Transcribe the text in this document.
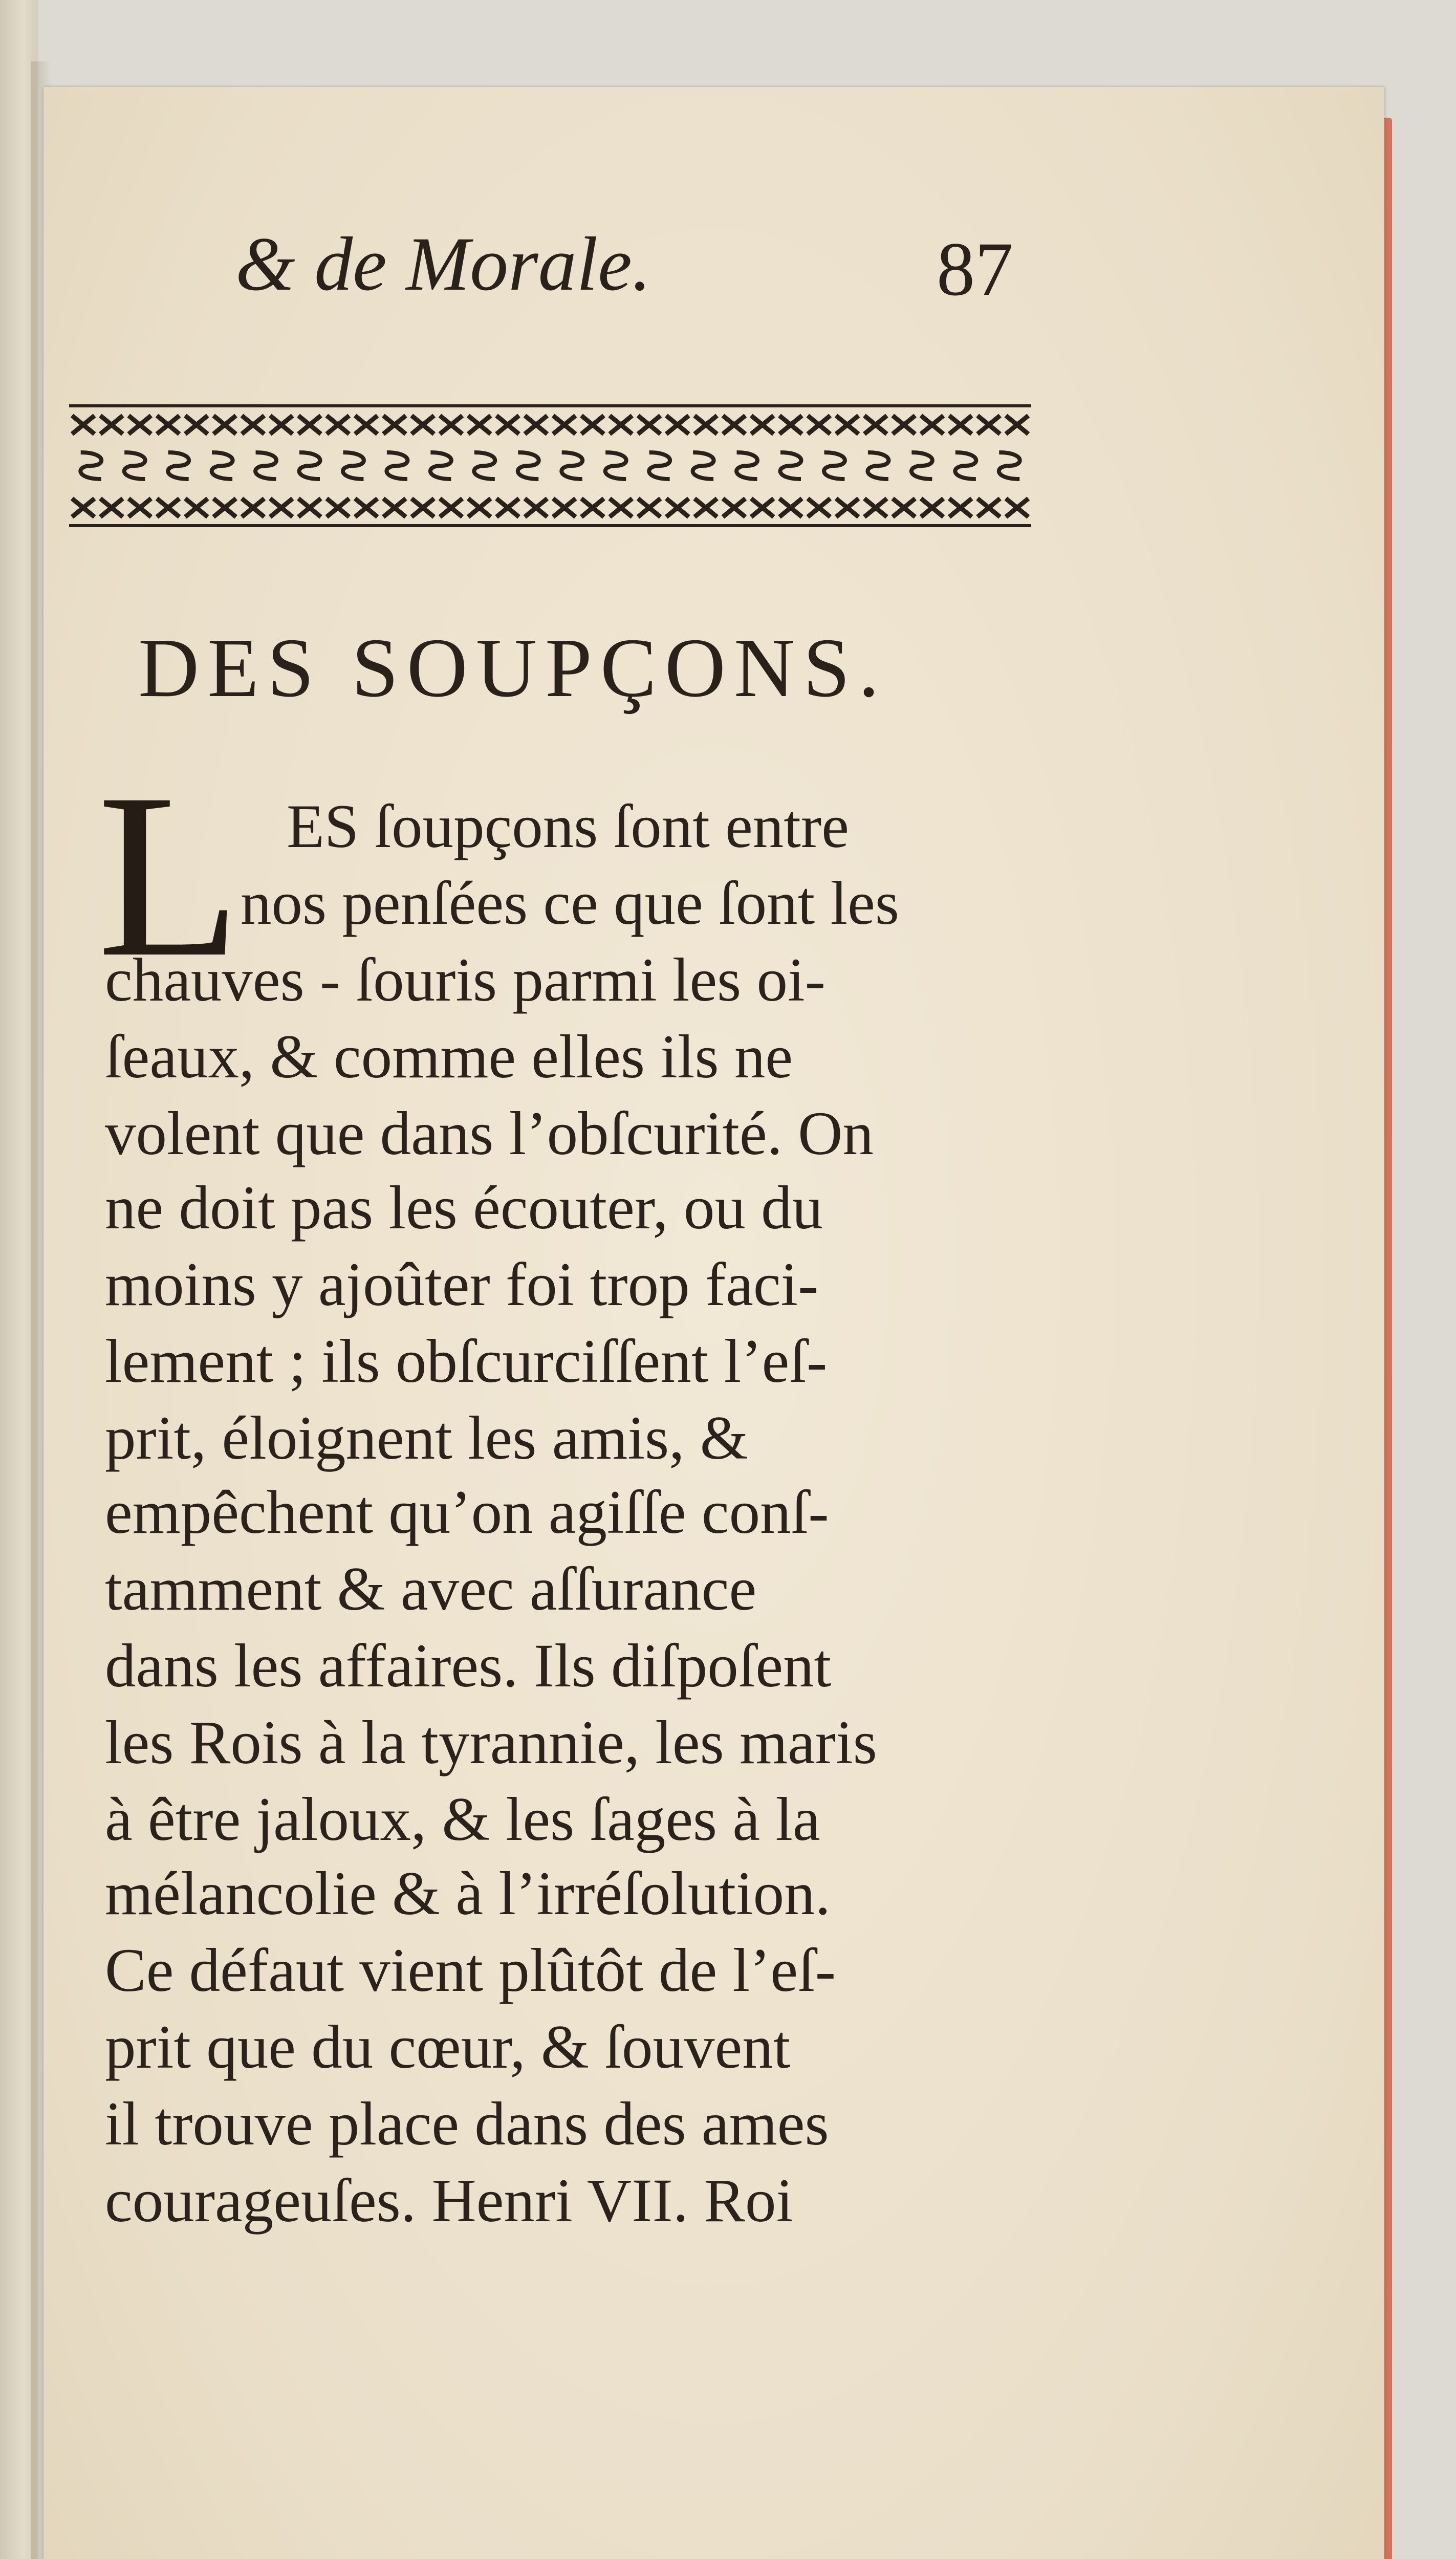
& de Morale.	87

DES SOUPÇONS.
L ES ſoupçons ſont entre

nos penſées ce que ſont les

chauves - ſouris parmi les oi-

ſeaux, & comme elles ils ne

volent que dans l’obſcurité. On

ne doit pas les écouter, ou du

moins y ajoûter foi trop faci-

lement ; ils obſcurciſſent l’eſ-

prit, éloignent les amis, &

empêchent qu’on agiſſe conſ-

tamment & avec aſſurance

dans les affaires. Ils diſpoſent

les Rois à la tyrannie, les maris

à être jaloux, & les ſages à la

mélancolie & à l’irréſolution.

Ce défaut vient plûtôt de l’eſ-

prit que du cœur, & ſouvent

il trouve place dans des ames

courageuſes. Henri VII. Roi
